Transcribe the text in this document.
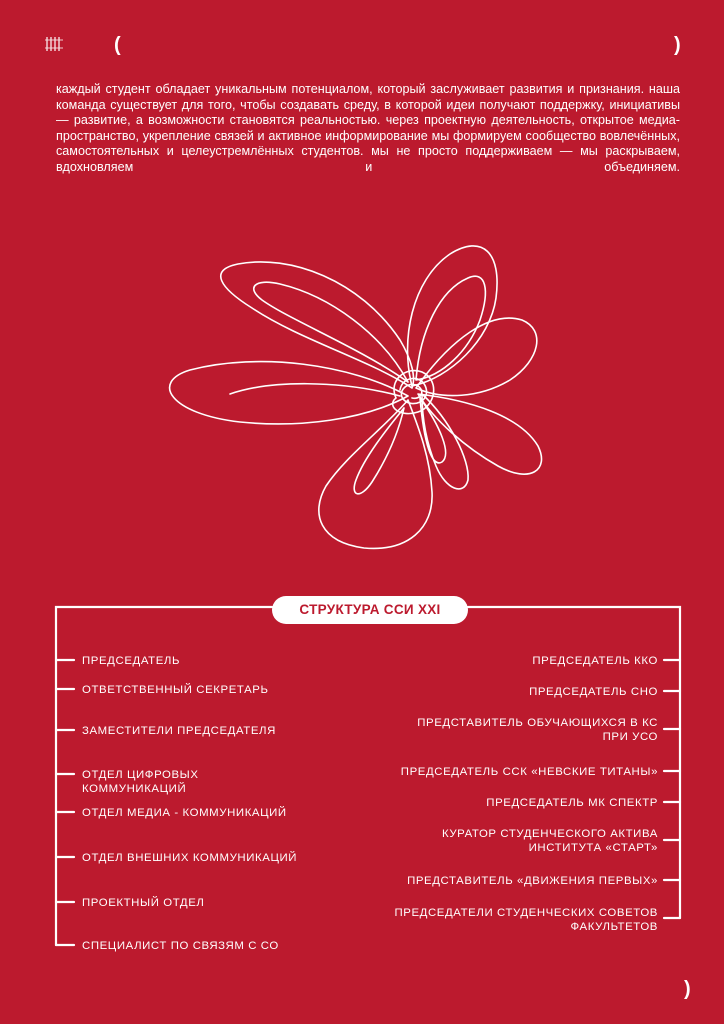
(	)

каждый студент обладает уникальным потенциалом, который заслуживает развития и признания. наша команда существует для того, чтобы создавать среду, в которой идеи получают поддержку, инициативы — развитие, а возможности становятся реальностью. через проектную деятельность, открытое медиа-пространство, укрепление связей и активное информирование мы формируем сообщество вовлечённых, самостоятельных и целеустремлённых студентов. мы не просто поддерживаем — мы раскрываем, вдохновляем и объединяем.

СТРУКТУРА ССИ XXI
ПРЕДСЕДАТЕЛЬ
ОТВЕТСТВЕННЫЙ СЕКРЕТАРЬ
ЗАМЕСТИТЕЛИ ПРЕДСЕДАТЕЛЯ
ОТДЕЛ ЦИФРОВЫХ
КОММУНИКАЦИЙ
ОТДЕЛ МЕДИА - КОММУНИКАЦИЙ
ОТДЕЛ ВНЕШНИХ КОММУНИКАЦИЙ
ПРОЕКТНЫЙ ОТДЕЛ
СПЕЦИАЛИСТ ПО СВЯЗЯМ С СО
ПРЕДСЕДАТЕЛЬ ККО
ПРЕДСЕДАТЕЛЬ СНО
ПРЕДСТАВИТЕЛЬ ОБУЧАЮЩИХСЯ В КС
ПРИ УСО
ПРЕДСЕДАТЕЛЬ ССК «НЕВСКИЕ ТИТАНЫ»
ПРЕДСЕДАТЕЛЬ МК СПЕКТР
КУРАТОР СТУДЕНЧЕСКОГО АКТИВА
ИНСТИТУТА «СТАРТ»
ПРЕДСТАВИТЕЛЬ «ДВИЖЕНИЯ ПЕРВЫХ»
ПРЕДСЕДАТЕЛИ СТУДЕНЧЕСКИХ СОВЕТОВ
ФАКУЛЬТЕТОВ
)
